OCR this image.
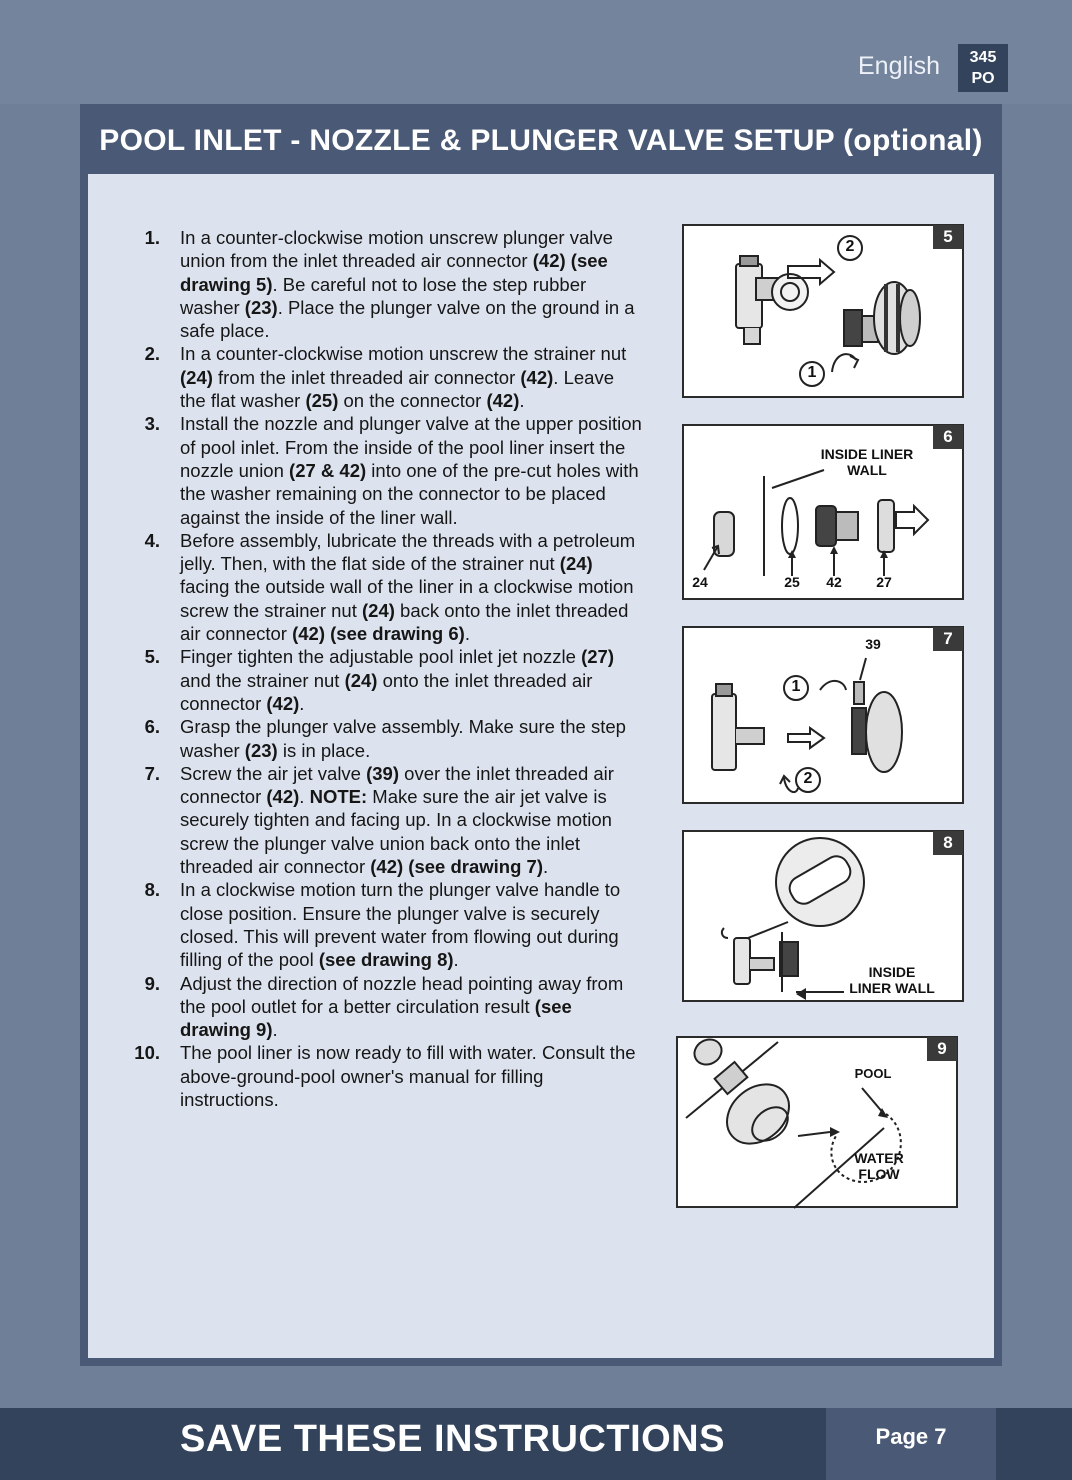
English	345
PO
POOL INLET - NOZZLE & PLUNGER VALVE SETUP (optional)
1. In a counter-clockwise motion unscrew plunger valve union from the inlet threaded air connector (42) (see drawing 5). Be careful not to lose the step rubber washer (23). Place the plunger valve on the ground in a safe place.
2. In a counter-clockwise motion unscrew the strainer nut (24) from the inlet threaded air connector (42). Leave the flat washer (25) on the connector (42).
3. Install the nozzle and plunger valve at the upper position of pool inlet. From the inside of the pool liner insert the nozzle union (27 & 42) into one of the pre-cut holes with the washer remaining on the connector to be placed against the inside of the liner wall.
4. Before assembly, lubricate the threads with a petroleum jelly. Then, with the flat side of the strainer nut (24) facing the outside wall of the liner in a clockwise motion screw the strainer nut (24) back onto the inlet threaded air connector (42) (see drawing 6).
5. Finger tighten the adjustable pool inlet jet nozzle (27) and the strainer nut (24) onto the inlet threaded air connector (42).
6. Grasp the plunger valve assembly. Make sure the step washer (23) is in place.
7. Screw the air jet valve (39) over the inlet threaded air connector (42). NOTE: Make sure the air jet valve is securely tighten and facing up. In a clockwise motion screw the plunger valve union back onto the inlet threaded air connector (42) (see drawing 7).
8. In a clockwise motion turn the plunger valve handle to close position. Ensure the plunger valve is securely closed. This will prevent water from flowing out during filling of the pool (see drawing 8).
9. Adjust the direction of nozzle head pointing away from the pool outlet for a better circulation result (see drawing 9).
10. The pool liner is now ready to fill with water. Consult the above-ground-pool owner's manual for filling instructions.
5
2
1
6
INSIDE LINER
WALL
24	25	42	27
7
39
1
2
8
INSIDE
LINER WALL
9
POOL
WATER
FLOW
SAVE THESE INSTRUCTIONS	Page 7
